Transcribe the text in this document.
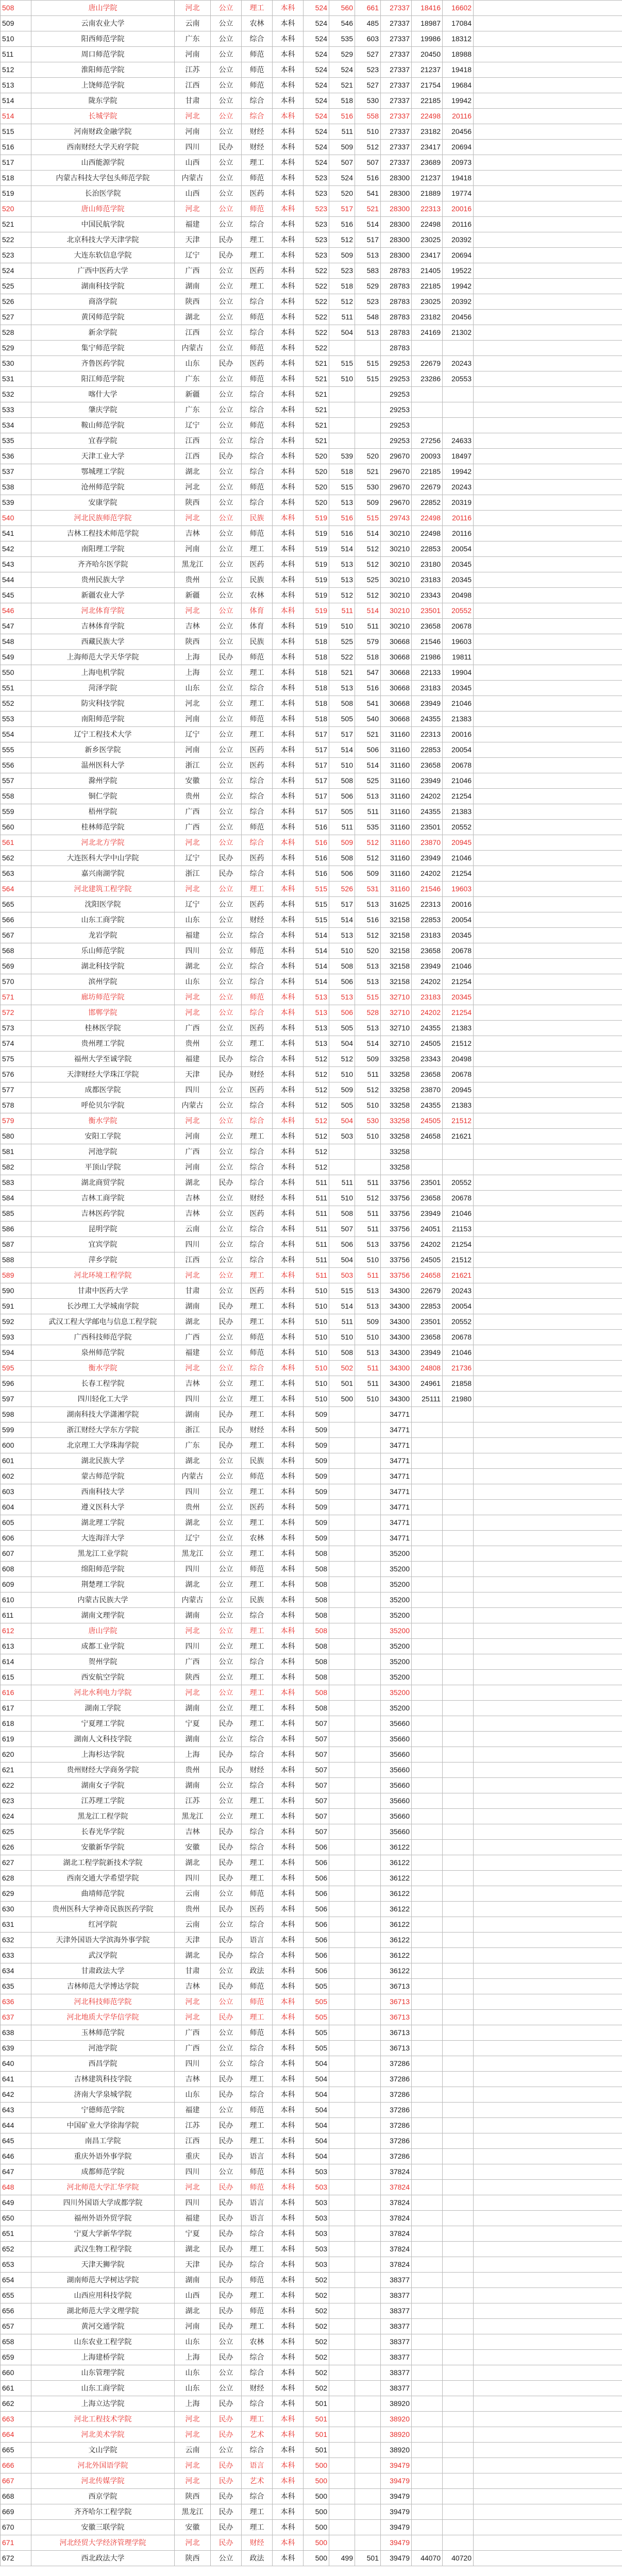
508	唐山学院	河北	公立	理工	本科	524	560	661	27337	18416	16602	
509	云南农业大学	云南	公立	农林	本科	524	546	485	27337	18987	17084	
510	阳西师范学院	广东	公立	综合	本科	524	535	603	27337	19986	18312	
511	周口师范学院	河南	公立	师范	本科	524	529	527	27337	20450	18988	
512	淮阳师范学院	江苏	公立	师范	本科	524	524	523	27337	21237	19418	
513	上饶师范学院	江西	公立	师范	本科	524	521	527	27337	21754	19684	
514	陇东学院	甘肃	公立	综合	本科	524	518	530	27337	22185	19942	
514	长城学院	河北	公立	综合	本科	524	516	558	27337	22498	20116	
515	河南财政金融学院	河南	公立	财经	本科	524	511	510	27337	23182	20456	
516	西南财经大学天府学院	四川	民办	财经	本科	524	509	512	27337	23417	20694	
517	山西能源学院	山西	公立	理工	本科	524	507	507	27337	23689	20973	
518	内蒙古科技大学包头师范学院	内蒙古	公立	师范	本科	523	524	516	28300	21237	19418	
519	长治医学院	山西	公立	医药	本科	523	520	541	28300	21889	19774	
520	唐山师范学院	河北	公立	师范	本科	523	517	521	28300	22313	20016	
521	中国民航学院	福建	公立	综合	本科	523	516	514	28300	22498	20116	
522	北京科技大学天津学院	天津	民办	理工	本科	523	512	517	28300	23025	20392	
523	大连东软信息学院	辽宁	民办	理工	本科	523	509	513	28300	23417	20694	
524	广西中医药大学	广西	公立	医药	本科	522	523	583	28783	21405	19522	
525	湖南科技学院	湖南	公立	理工	本科	522	518	529	28783	22185	19942	
526	商洛学院	陕西	公立	综合	本科	522	512	523	28783	23025	20392	
527	黄冈师范学院	湖北	公立	师范	本科	522	511	548	28783	23182	20456	
528	新余学院	江西	公立	综合	本科	522	504	513	28783	24169	21302	
529	集宁师范学院	内蒙古	公立	师范	本科	522			28783			
530	齐鲁医药学院	山东	民办	医药	本科	521	515	515	29253	22679	20243	
531	阳江师范学院	广东	公立	师范	本科	521	510	515	29253	23286	20553	
532	喀什大学	新疆	公立	综合	本科	521			29253			
533	肇庆学院	广东	公立	综合	本科	521			29253			
534	鞍山师范学院	辽宁	公立	师范	本科	521			29253			
535	宜春学院	江西	公立	综合	本科	521			29253	27256	24633	
536	天津工业大学	江西	民办	综合	本科	520	539	520	29670	20093	18497	
537	鄂城理工学院	湖北	公立	综合	本科	520	518	521	29670	22185	19942	
538	沧州师范学院	河北	公立	师范	本科	520	515	530	29670	22679	20243	
539	安康学院	陕西	公立	综合	本科	520	513	509	29670	22852	20319	
540	河北民族师范学院	河北	公立	民族	本科	519	516	515	29743	22498	20116	
541	吉林工程技术师范学院	吉林	公立	师范	本科	519	516	514	30210	22498	20116	
542	南阳理工学院	河南	公立	理工	本科	519	514	512	30210	22853	20054	
543	齐齐哈尔医学院	黑龙江	公立	医药	本科	519	513	512	30210	23180	20345	
544	贵州民族大学	贵州	公立	民族	本科	519	513	525	30210	23183	20345	
545	新疆农业大学	新疆	公立	农林	本科	519	512	512	30210	23343	20498	
546	河北体育学院	河北	公立	体育	本科	519	511	514	30210	23501	20552	
547	吉林体育学院	吉林	公立	体育	本科	519	510	511	30210	23658	20678	
548	西藏民族大学	陕西	公立	民族	本科	518	525	579	30668	21546	19603	
549	上海师范大学天华学院	上海	民办	师范	本科	518	522	518	30668	21986	19811	
550	上海电机学院	上海	公立	理工	本科	518	521	547	30668	22133	19904	
551	菏泽学院	山东	公立	综合	本科	518	513	516	30668	23183	20345	
552	防灾科技学院	河北	公立	理工	本科	518	508	541	30668	23949	21046	
553	南阳师范学院	河南	公立	师范	本科	518	505	540	30668	24355	21383	
554	辽宁工程技术大学	辽宁	公立	理工	本科	517	517	521	31160	22313	20016	
555	新乡医学院	河南	公立	医药	本科	517	514	506	31160	22853	20054	
556	温州医科大学	浙江	公立	医药	本科	517	510	514	31160	23658	20678	
557	滁州学院	安徽	公立	综合	本科	517	508	525	31160	23949	21046	
558	铜仁学院	贵州	公立	综合	本科	517	506	513	31160	24202	21254	
559	梧州学院	广西	公立	综合	本科	517	505	511	31160	24355	21383	
560	桂林师范学院	广西	公立	师范	本科	516	511	535	31160	23501	20552	
561	河北北方学院	河北	公立	综合	本科	516	509	512	31160	23870	20945	
562	大连医科大学中山学院	辽宁	民办	医药	本科	516	508	512	31160	23949	21046	
563	嘉兴南湖学院	浙江	民办	综合	本科	516	506	509	31160	24202	21254	
564	河北建筑工程学院	河北	公立	理工	本科	515	526	531	31160	21546	19603	
565	沈阳医学院	辽宁	公立	医药	本科	515	517	513	31625	22313	20016	
566	山东工商学院	山东	公立	财经	本科	515	514	516	32158	22853	20054	
567	龙岩学院	福建	公立	综合	本科	514	513	512	32158	23183	20345	
568	乐山师范学院	四川	公立	师范	本科	514	510	520	32158	23658	20678	
569	湖北科技学院	湖北	公立	综合	本科	514	508	513	32158	23949	21046	
570	滨州学院	山东	公立	综合	本科	514	506	513	32158	24202	21254	
571	廊坊师范学院	河北	公立	师范	本科	513	513	515	32710	23183	20345	
572	邯郸学院	河北	公立	综合	本科	513	506	528	32710	24202	21254	
573	桂林医学院	广西	公立	医药	本科	513	505	513	32710	24355	21383	
574	贵州理工学院	贵州	公立	理工	本科	513	504	514	32710	24505	21512	
575	福州大学至诚学院	福建	民办	综合	本科	512	512	509	33258	23343	20498	
576	天津财经大学珠江学院	天津	民办	财经	本科	512	510	511	33258	23658	20678	
577	成都医学院	四川	公立	医药	本科	512	509	512	33258	23870	20945	
578	呼伦贝尔学院	内蒙古	公立	综合	本科	512	505	510	33258	24355	21383	
579	衡水学院	河北	公立	综合	本科	512	504	530	33258	24505	21512	
580	安阳工学院	河南	公立	理工	本科	512	503	510	33258	24658	21621	
581	河池学院	广西	公立	综合	本科	512			33258			
582	平顶山学院	河南	公立	综合	本科	512			33258			
583	湖北商贸学院	湖北	民办	综合	本科	511	511	511	33756	23501	20552	
584	吉林工商学院	吉林	公立	财经	本科	511	510	512	33756	23658	20678	
585	吉林医药学院	吉林	公立	医药	本科	511	508	511	33756	23949	21046	
586	昆明学院	云南	公立	综合	本科	511	507	511	33756	24051	21153	
587	宜宾学院	四川	公立	综合	本科	511	506	513	33756	24202	21254	
588	萍乡学院	江西	公立	综合	本科	511	504	510	33756	24505	21512	
589	河北环境工程学院	河北	公立	理工	本科	511	503	511	33756	24658	21621	
590	甘肃中医药大学	甘肃	公立	医药	本科	510	515	513	34300	22679	20243	
591	长沙理工大学城南学院	湖南	民办	理工	本科	510	514	513	34300	22853	20054	
592	武汉工程大学邮电与信息工程学院	湖北	民办	理工	本科	510	511	509	34300	23501	20552	
593	广西科技师范学院	广西	公立	师范	本科	510	510	510	34300	23658	20678	
594	泉州师范学院	福建	公立	师范	本科	510	508	513	34300	23949	21046	
595	衡水学院	河北	公立	综合	本科	510	502	511	34300	24808	21736	
596	长春工程学院	吉林	公立	理工	本科	510	501	511	34300	24961	21858	
597	四川轻化工大学	四川	公立	理工	本科	510	500	510	34300	25111	21980	
598	湖南科技大学潇湘学院	湖南	民办	理工	本科	509			34771			
599	浙江财经大学东方学院	浙江	民办	财经	本科	509			34771			
600	北京理工大学珠海学院	广东	民办	理工	本科	509			34771			
601	湖北民族大学	湖北	公立	民族	本科	509			34771			
602	蒙古师范学院	内蒙古	公立	师范	本科	509			34771			
603	西南科技大学	四川	公立	理工	本科	509			34771			
604	遵义医科大学	贵州	公立	医药	本科	509			34771			
605	湖北理工学院	湖北	公立	理工	本科	509			34771			
606	大连海洋大学	辽宁	公立	农林	本科	509			34771			
607	黑龙江工业学院	黑龙江	公立	理工	本科	508			35200			
608	绵阳师范学院	四川	公立	师范	本科	508			35200			
609	荆楚理工学院	湖北	公立	理工	本科	508			35200			
610	内蒙古民族大学	内蒙古	公立	民族	本科	508			35200			
611	湖南文理学院	湖南	公立	综合	本科	508			35200			
612	唐山学院	河北	公立	理工	本科	508			35200			
613	成都工业学院	四川	公立	理工	本科	508			35200			
614	贺州学院	广西	公立	综合	本科	508			35200			
615	西安航空学院	陕西	公立	理工	本科	508			35200			
616	河北水利电力学院	河北	公立	理工	本科	508			35200			
617	湖南工学院	湖南	公立	理工	本科	508			35200			
618	宁夏理工学院	宁夏	民办	理工	本科	507			35660			
619	湖南人文科技学院	湖南	公立	综合	本科	507			35660			
620	上海杉达学院	上海	民办	综合	本科	507			35660			
621	贵州财经大学商务学院	贵州	民办	财经	本科	507			35660			
622	湖南女子学院	湖南	公立	综合	本科	507			35660			
623	江苏理工学院	江苏	公立	理工	本科	507			35660			
624	黑龙江工程学院	黑龙江	公立	理工	本科	507			35660			
625	长春光华学院	吉林	民办	综合	本科	507			35660			
626	安徽新华学院	安徽	民办	综合	本科	506			36122			
627	湖北工程学院新技术学院	湖北	民办	理工	本科	506			36122			
628	西南交通大学希望学院	四川	民办	理工	本科	506			36122			
629	曲靖师范学院	云南	公立	师范	本科	506			36122			
630	贵州医科大学神奇民族医药学院	贵州	民办	医药	本科	506			36122			
631	红河学院	云南	公立	综合	本科	506			36122			
632	天津外国语大学滨海外事学院	天津	民办	语言	本科	506			36122			
633	武汉学院	湖北	民办	综合	本科	506			36122			
634	甘肃政法大学	甘肃	公立	政法	本科	506			36122			
635	吉林师范大学博达学院	吉林	民办	师范	本科	505			36713			
636	河北科技师范学院	河北	公立	师范	本科	505			36713			
637	河北地质大学华信学院	河北	民办	理工	本科	505			36713			
638	玉林师范学院	广西	公立	师范	本科	505			36713			
639	河池学院	广西	公立	综合	本科	505			36713			
640	西昌学院	四川	公立	综合	本科	504			37286			
641	吉林建筑科技学院	吉林	民办	理工	本科	504			37286			
642	济南大学泉城学院	山东	民办	综合	本科	504			37286			
643	宁德师范学院	福建	公立	师范	本科	504			37286			
644	中国矿业大学徐海学院	江苏	民办	理工	本科	504			37286			
645	南昌工学院	江西	民办	理工	本科	504			37286			
646	重庆外语外事学院	重庆	民办	语言	本科	504			37286			
647	成都师范学院	四川	公立	师范	本科	503			37824			
648	河北师范大学汇华学院	河北	民办	师范	本科	503			37824			
649	四川外国语大学成都学院	四川	民办	语言	本科	503			37824			
650	福州外语外贸学院	福建	民办	语言	本科	503			37824			
651	宁夏大学新华学院	宁夏	民办	综合	本科	503			37824			
652	武汉生物工程学院	湖北	民办	理工	本科	503			37824			
653	天津天狮学院	天津	民办	综合	本科	503			37824			
654	湖南师范大学树达学院	湖南	民办	师范	本科	502			38377			
655	山西应用科技学院	山西	民办	理工	本科	502			38377			
656	湖北师范大学文理学院	湖北	民办	师范	本科	502			38377			
657	黄河交通学院	河南	民办	理工	本科	502			38377			
658	山东农业工程学院	山东	公立	农林	本科	502			38377			
659	上海建桥学院	上海	民办	综合	本科	502			38377			
660	山东管理学院	山东	公立	综合	本科	502			38377			
661	山东工商学院	山东	公立	财经	本科	502			38377			
662	上海立达学院	上海	民办	综合	本科	501			38920			
663	河北工程技术学院	河北	民办	理工	本科	501			38920			
664	河北美术学院	河北	民办	艺术	本科	501			38920			
665	文山学院	云南	公立	综合	本科	501			38920			
666	河北外国语学院	河北	民办	语言	本科	500			39479			
667	河北传媒学院	河北	民办	艺术	本科	500			39479			
668	西京学院	陕西	民办	综合	本科	500			39479			
669	齐齐哈尔工程学院	黑龙江	民办	理工	本科	500			39479			
670	安徽三联学院	安徽	民办	理工	本科	500			39479			
671	河北经贸大学经济管理学院	河北	民办	财经	本科	500			39479			
672	西北政法大学	陕西	公立	政法	本科	500	499	501	39479	44070	40720	
